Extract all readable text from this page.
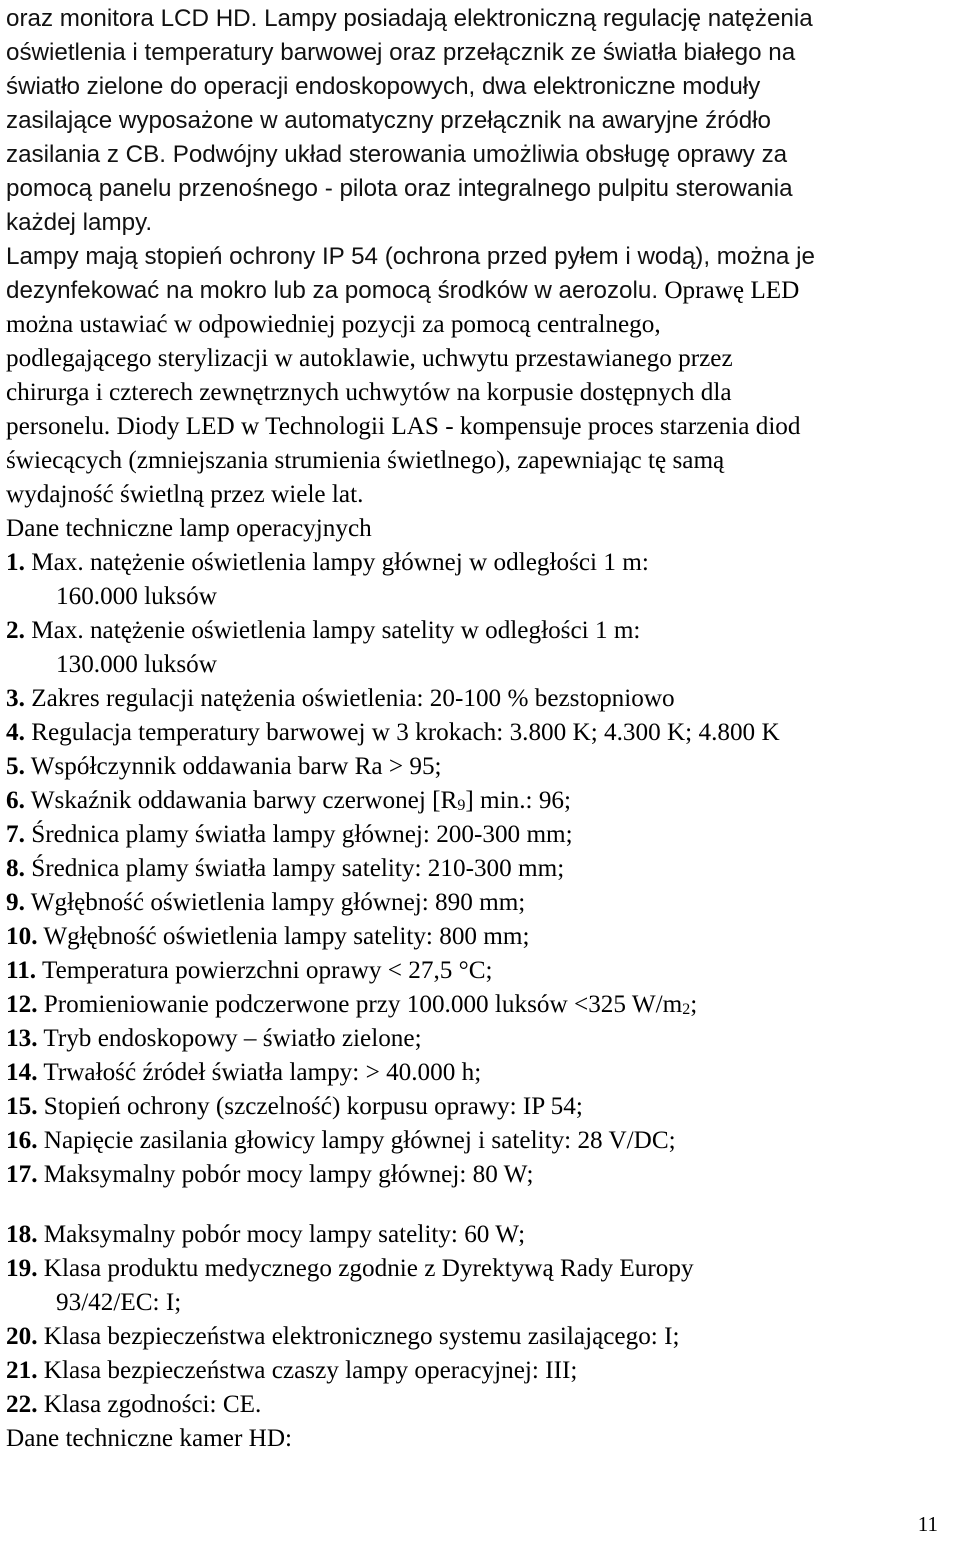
oraz monitora LCD HD. Lampy posiadają elektroniczną regulację natężenia
oświetlenia i temperatury barwowej oraz przełącznik ze światła białego na
światło zielone do operacji endoskopowych, dwa elektroniczne moduły
zasilające wyposażone w automatyczny przełącznik na awaryjne źródło
zasilania z CB. Podwójny układ sterowania umożliwia obsługę oprawy za
pomocą panelu przenośnego - pilota oraz integralnego pulpitu sterowania
każdej lampy.
Lampy mają stopień ochrony IP 54 (ochrona przed pyłem i wodą), można je
dezynfekować na mokro lub za pomocą środków w aerozolu. Oprawę LED
można ustawiać w odpowiedniej pozycji za pomocą centralnego,
podlegającego sterylizacji w autoklawie, uchwytu przestawianego przez
chirurga i czterech zewnętrznych uchwytów na korpusie dostępnych dla
personelu. Diody LED w Technologii LAS - kompensuje proces starzenia diod
świecących (zmniejszania strumienia świetlnego), zapewniając tę samą
wydajność świetlną przez wiele lat.
Dane techniczne lamp operacyjnych
1. Max. natężenie oświetlenia lampy głównej w odległości 1 m:
160.000 luksów
2. Max. natężenie oświetlenia lampy satelity w odległości 1 m:
130.000 luksów
3. Zakres regulacji natężenia oświetlenia: 20-100 % bezstopniowo
4. Regulacja temperatury barwowej w 3 krokach: 3.800 K; 4.300 K; 4.800 K
5. Współczynnik oddawania barw Ra > 95;
6. Wskaźnik oddawania barwy czerwonej [R9] min.: 96;
7. Średnica plamy światła lampy głównej: 200-300 mm;
8. Średnica plamy światła lampy satelity: 210-300 mm;
9. Wgłębność oświetlenia lampy głównej: 890 mm;
10. Wgłębność oświetlenia lampy satelity: 800 mm;
11. Temperatura powierzchni oprawy < 27,5 °C;
12. Promieniowanie podczerwone przy 100.000 luksów <325 W/m2;
13. Tryb endoskopowy – światło zielone;
14. Trwałość źródeł światła lampy: > 40.000 h;
15. Stopień ochrony (szczelność) korpusu oprawy: IP 54;
16. Napięcie zasilania głowicy lampy głównej i satelity: 28 V/DC;
17. Maksymalny pobór mocy lampy głównej: 80 W;
18. Maksymalny pobór mocy lampy satelity: 60 W;
19. Klasa produktu medycznego zgodnie z Dyrektywą Rady Europy
93/42/EC: I;
20. Klasa bezpieczeństwa elektronicznego systemu zasilającego: I;
21. Klasa bezpieczeństwa czaszy lampy operacyjnej: III;
22. Klasa zgodności: CE.
Dane techniczne kamer HD:
11
